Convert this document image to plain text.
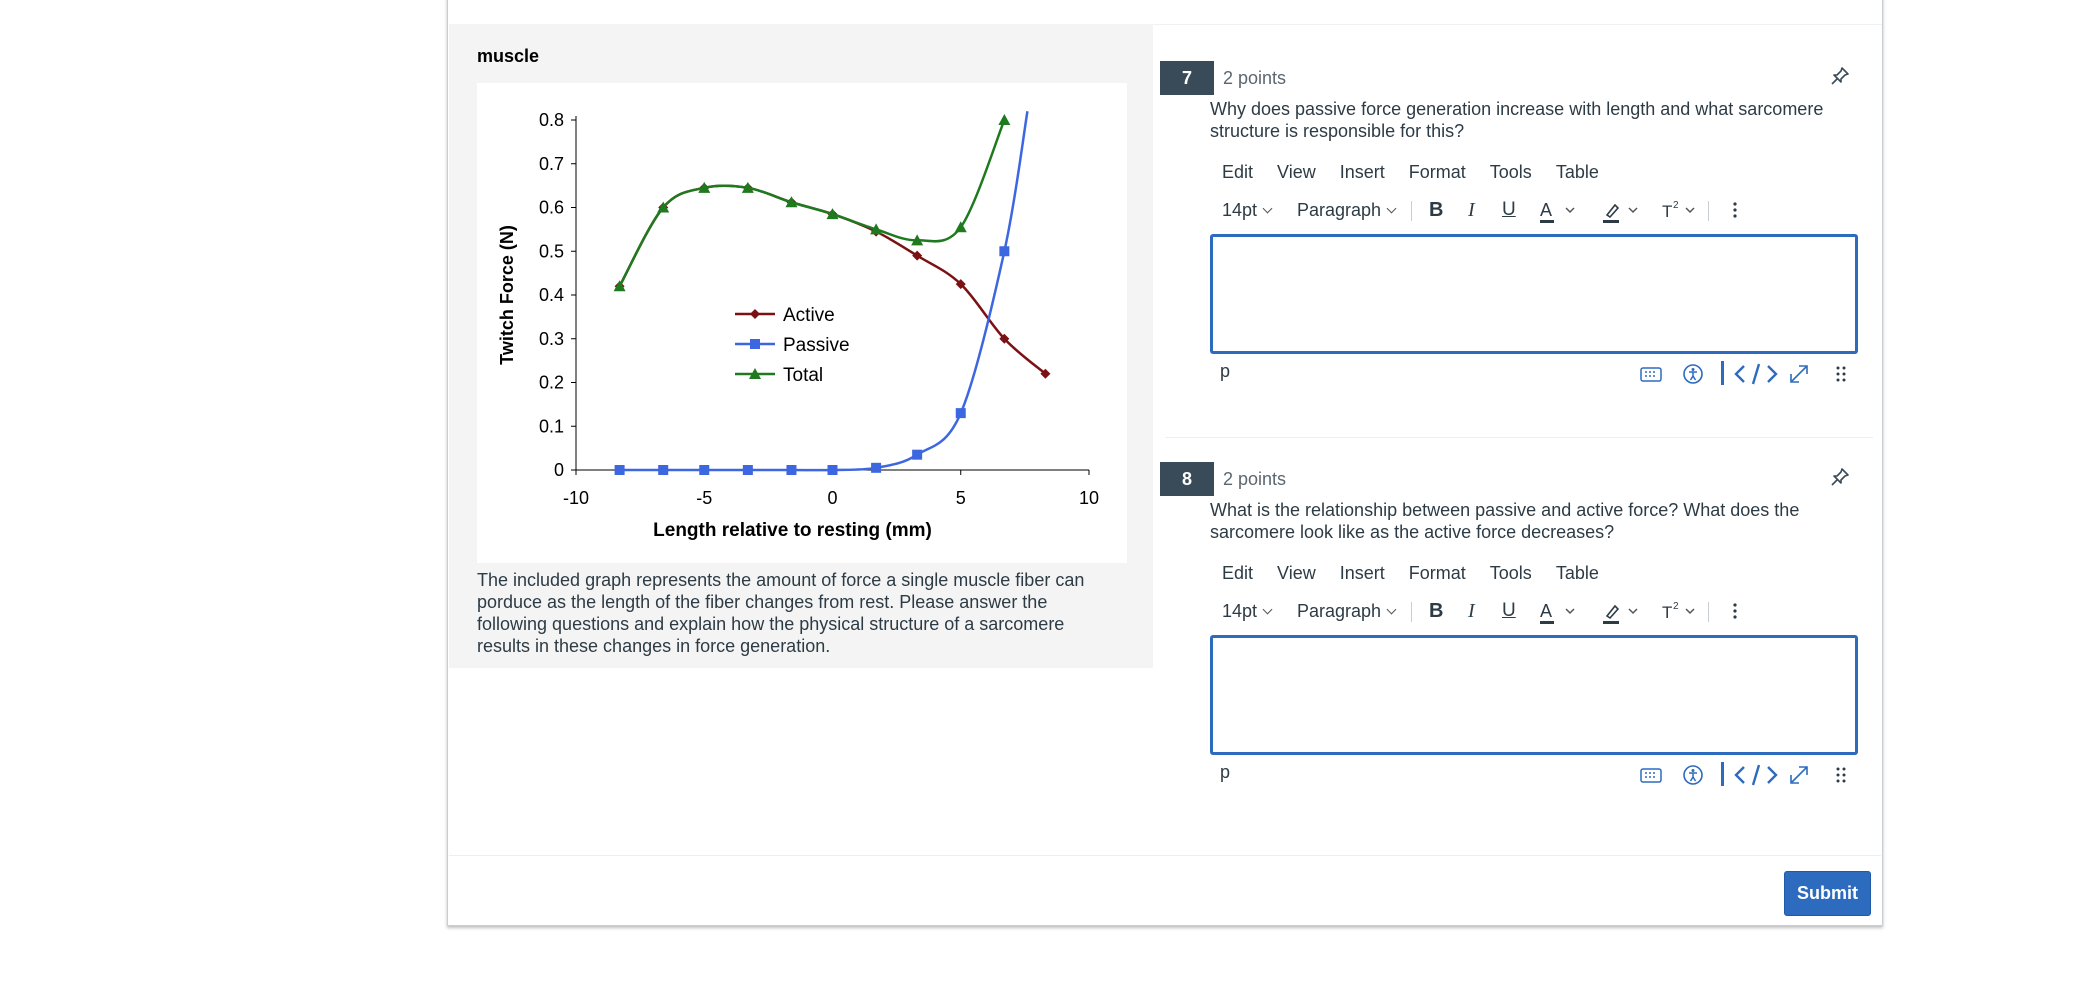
muscle
0
0.1
0.2
0.3
0.4
0.5
0.6
0.7
0.8
-10	-5	0	5	10
Length relative to resting (mm)
Twitch Force (N)	Active
Passive
Total
The included graph represents the amount of force a single muscle fiber can porduce as the length of the fiber changes from rest. Please answer the following questions and explain how the physical structure of a sarcomere results in these changes in force generation.
7	2 points
Why does passive force generation increase with length and what sarcomere structure is responsible for this?
Edit	View	Insert	Format	Tools	Table
14pt	Paragraph	B I U A	T 2
p
8	2 points
What is the relationship between passive and active force? What does the sarcomere look like as the active force decreases?
Edit	View	Insert	Format	Tools	Table
14pt	Paragraph	B I U A	T 2
p
Submit
